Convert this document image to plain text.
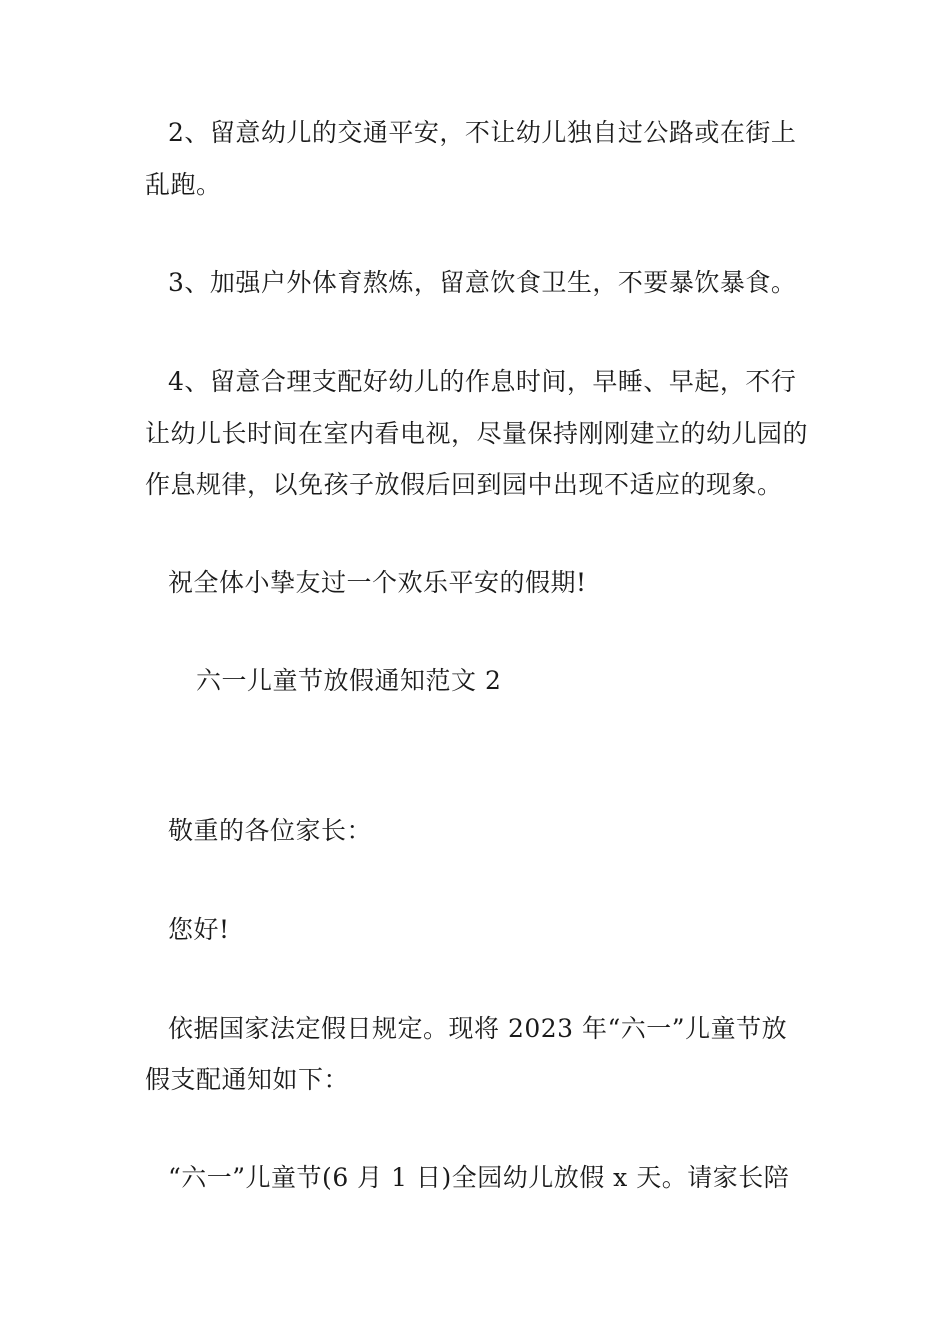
2、留意幼儿的交通平安，不让幼儿独自过公路或在街上
乱跑。
3、加强户外体育熬炼，留意饮食卫生，不要暴饮暴食。
4、留意合理支配好幼儿的作息时间，早睡、早起，不行
让幼儿长时间在室内看电视，尽量保持刚刚建立的幼儿园的
作息规律，以免孩子放假后回到园中出现不适应的现象。
祝全体小挚友过一个欢乐平安的假期!
六一儿童节放假通知范文 2
敬重的各位家长：
您好!
依据国家法定假日规定。现将 2023 年“六一”儿童节放
假支配通知如下：
“六一”儿童节(6 月 1 日)全园幼儿放假 x 天。请家长陪
